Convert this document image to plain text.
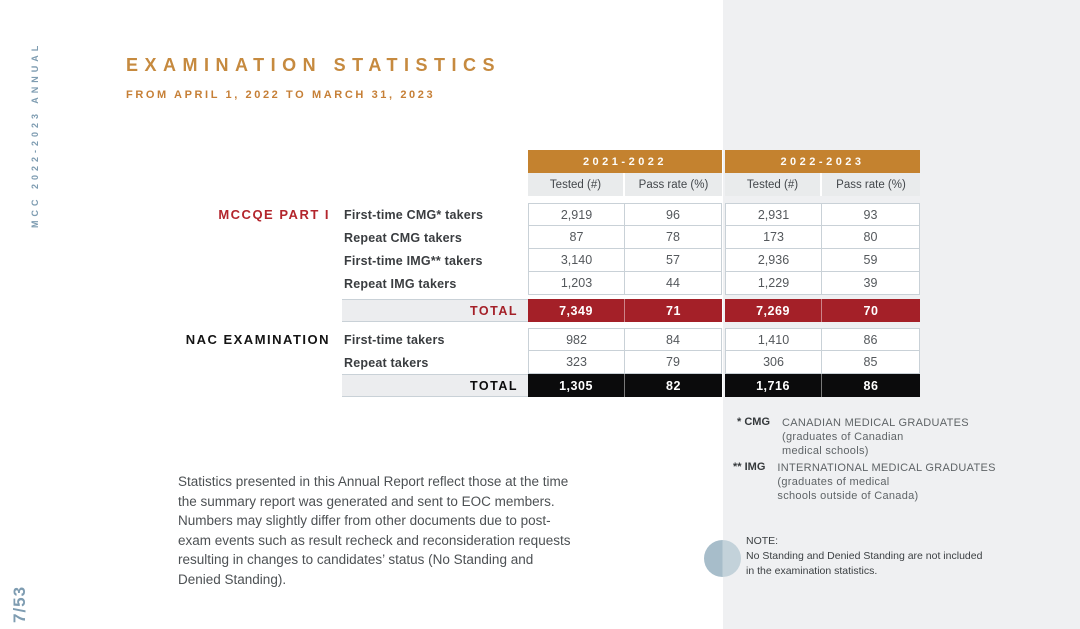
MCC 2022-2023 ANNUAL
7/53
EXAMINATION STATISTICS
FROM APRIL 1, 2022 TO MARCH 31, 2023
2021-2022	2022-2023
Tested (#)	Pass rate (%)	Tested (#)	Pass rate (%)
MCCQE PART I First-time CMG* takers	2,919	96	2,931	93
Repeat CMG takers	87	78	173	80
First-time IMG** takers	3,140	57	2,936	59
Repeat IMG takers	1,203	44	1,229	39
TOTAL	7,349	71	7,269	70
NAC EXAMINATION First-time takers	982	84	1,410	86
Repeat takers	323	79	306	85
TOTAL	1,305	82	1,716	86
Statistics presented in this Annual Report reflect those at the time the summary report was generated and sent to EOC members. Numbers may slightly differ from other documents due to post-exam events such as result recheck and reconsideration requests resulting in changes to candidates’ status (No Standing and Denied Standing).
* CMG CANADIAN MEDICAL GRADUATES
(graduates of Canadian
medical schools)
** IMG INTERNATIONAL MEDICAL GRADUATES
(graduates of medical
schools outside of Canada)
NOTE:
No Standing and Denied Standing are not included
in the examination statistics.
